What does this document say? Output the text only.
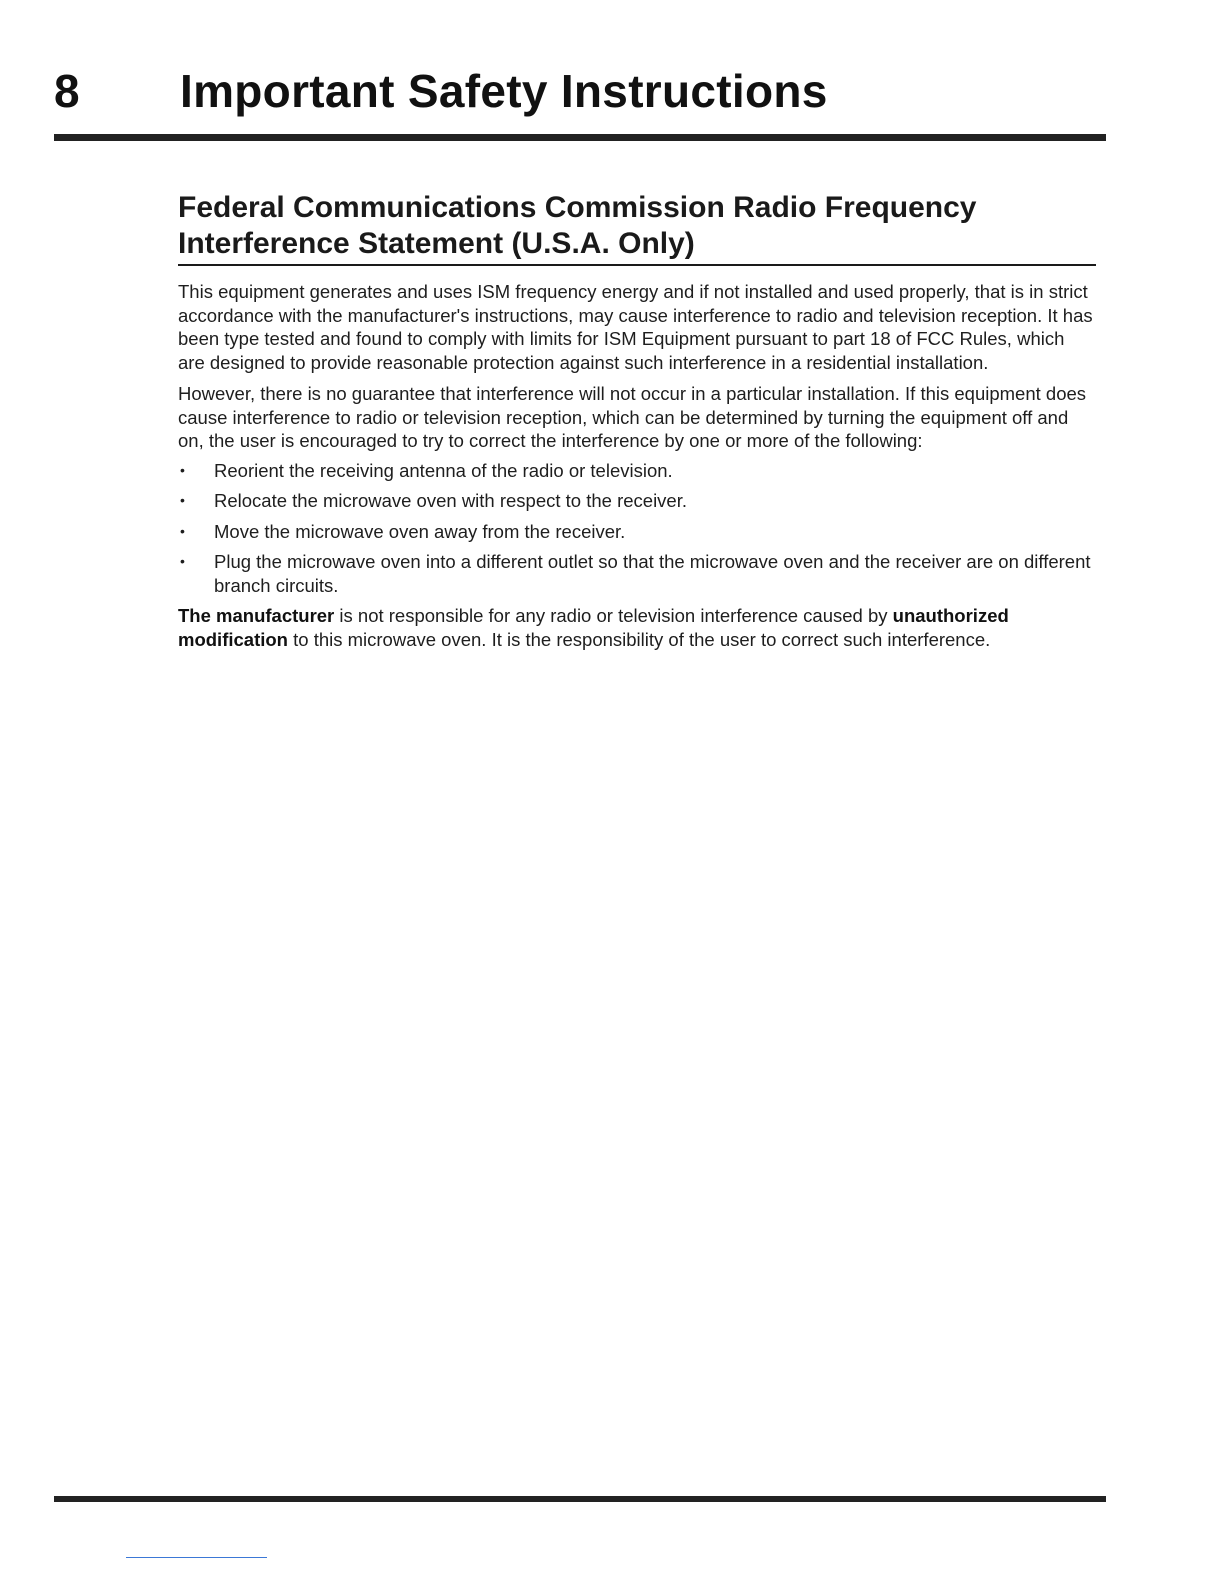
8 Important Safety Instructions
Federal Communications Commission Radio Frequency Interference Statement (U.S.A. Only)

This equipment generates and uses ISM frequency energy and if not installed and used properly, that is in strict accordance with the manufacturer's instructions, may cause interference to radio and television reception. It has been type tested and found to comply with limits for ISM Equipment pursuant to part 18 of FCC Rules, which are designed to provide reasonable protection against such interference in a residential installation.

However, there is no guarantee that interference will not occur in a particular installation. If this equipment does cause interference to radio or television reception, which can be determined by turning the equipment off and on, the user is encouraged to try to correct the interference by one or more of the following:

• Reorient the receiving antenna of the radio or television.
• Relocate the microwave oven with respect to the receiver.
• Move the microwave oven away from the receiver.
• Plug the microwave oven into a different outlet so that the microwave oven and the receiver are on different branch circuits.

The manufacturer is not responsible for any radio or television interference caused by unauthorized modification to this microwave oven. It is the responsibility of the user to correct such interference.
